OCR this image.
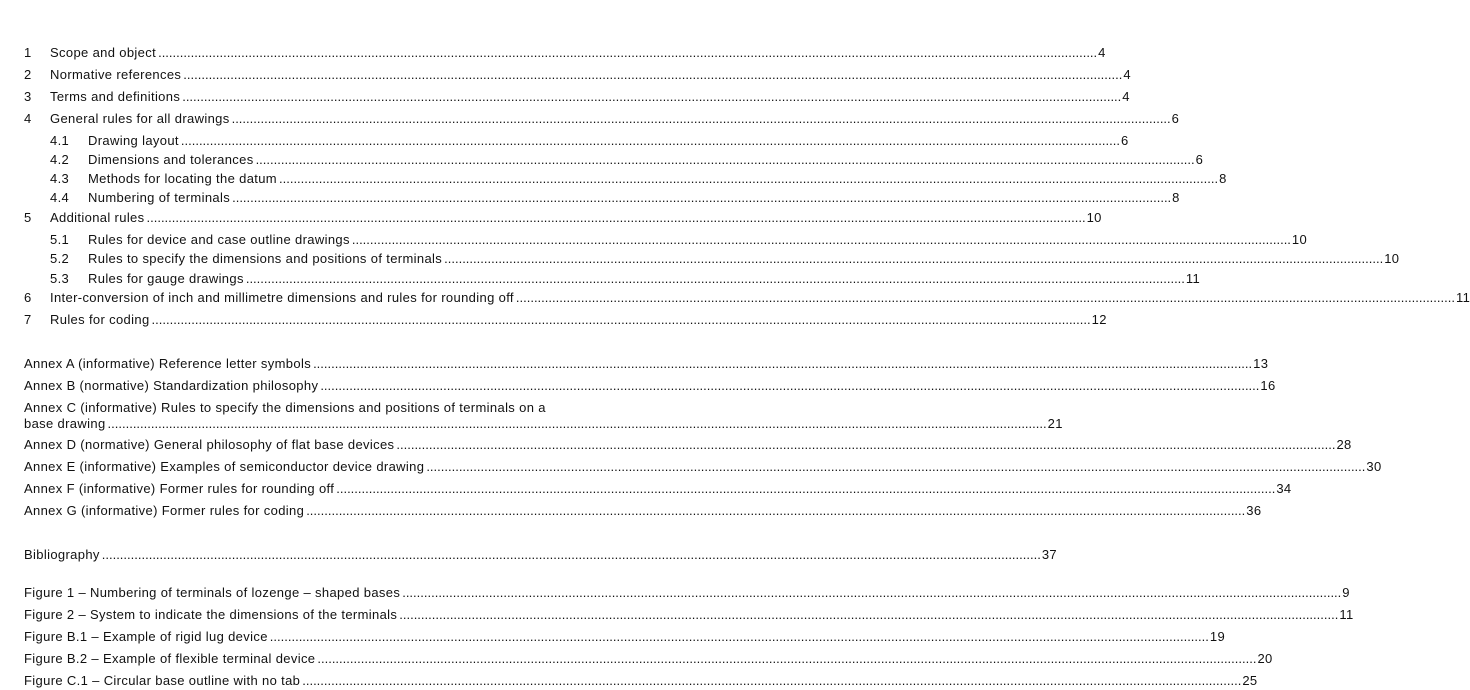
1	Scope and object .....	4
2	Normative references .....	4
3	Terms and definitions .....	4
4	General rules for all drawings .....	6
4.1	Drawing layout .....	6
4.2	Dimensions and tolerances .....	6
4.3	Methods for locating the datum .....	8
4.4	Numbering of terminals .....	8
5	Additional rules .....	10
5.1	Rules for device and case outline drawings .....	10
5.2	Rules to specify the dimensions and positions of terminals .....	10
5.3	Rules for gauge drawings .....	11
6	Inter-conversion of inch and millimetre dimensions and rules for rounding off .....	11
7	Rules for coding .....	12
Annex A (informative) Reference letter symbols .....	13
Annex B (normative) Standardization philosophy .....	16
Annex C (informative) Rules to specify the dimensions and positions of terminals on a
base drawing .....	21
Annex D (normative) General philosophy of flat base devices .....	28
Annex E (informative) Examples of semiconductor device drawing .....	30
Annex F (informative) Former rules for rounding off .....	34
Annex G (informative) Former rules for coding .....	36
Bibliography .....	37
Figure 1 – Numbering of terminals of lozenge – shaped bases .....	9
Figure 2 – System to indicate the dimensions of the terminals .....	11
Figure B.1 – Example of rigid lug device .....	19
Figure B.2 – Example of flexible terminal device .....	20
Figure C.1 – Circular base outline with no tab .....	25
